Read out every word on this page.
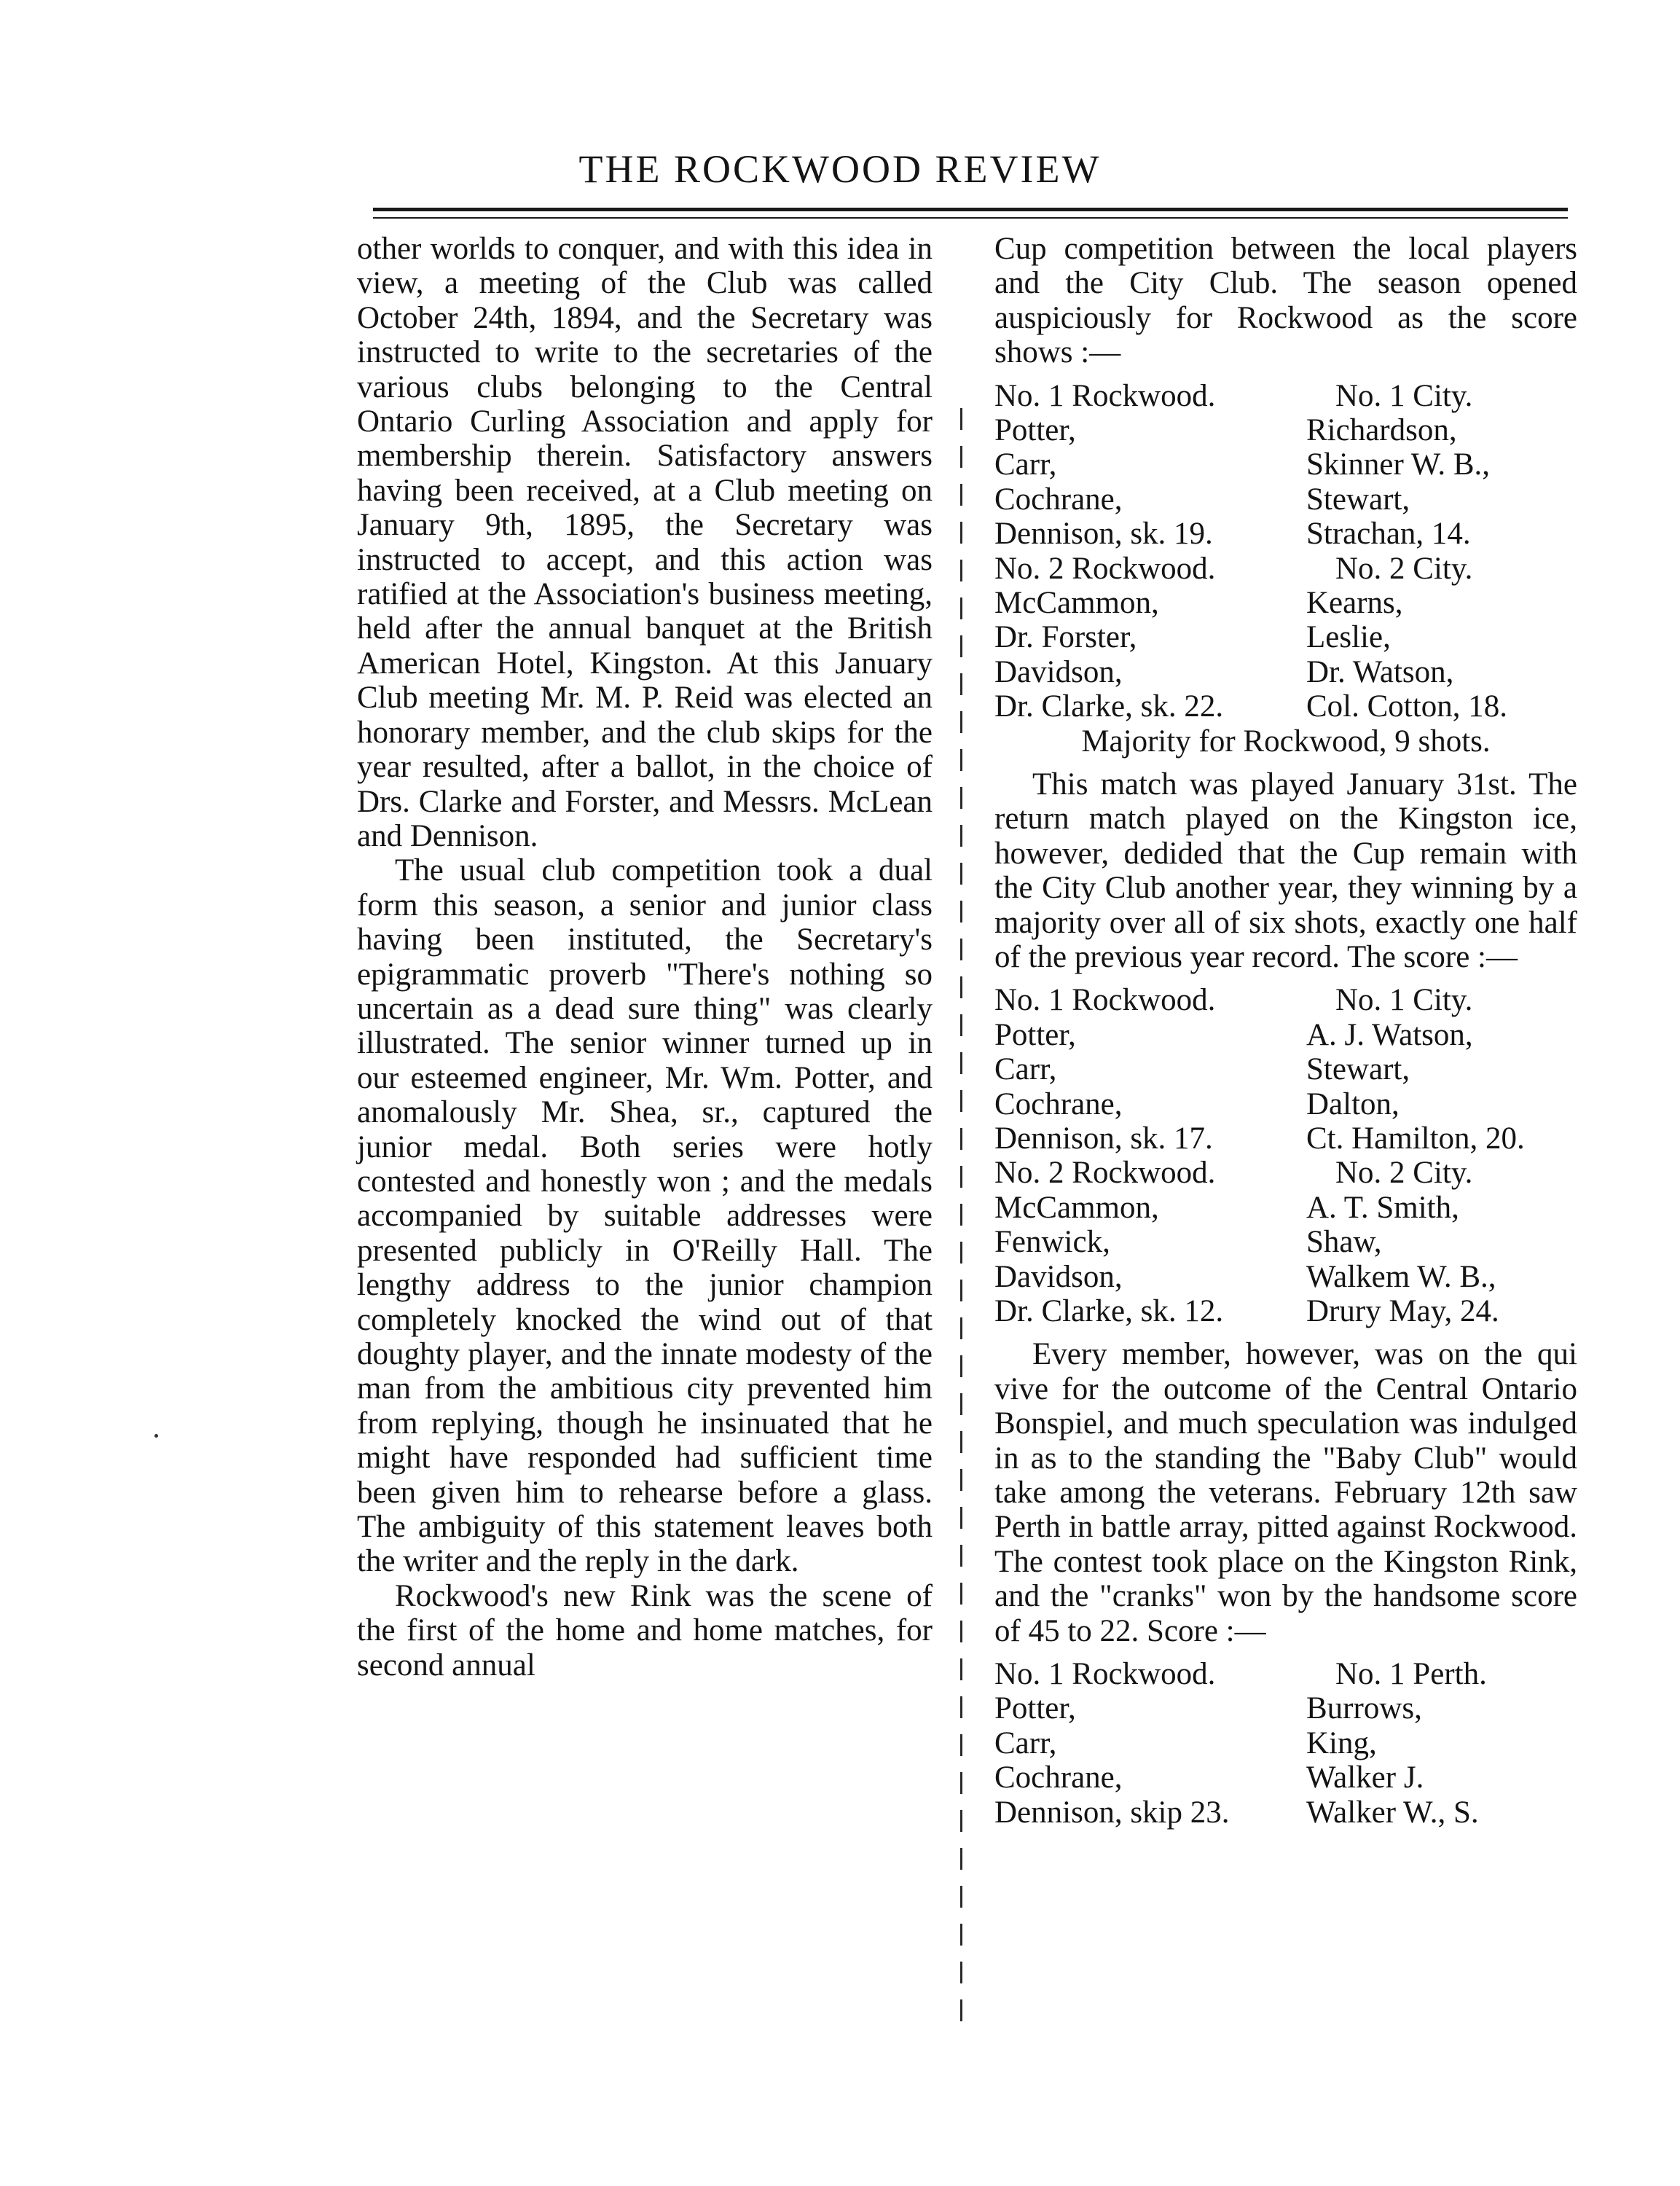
THE ROCKWOOD REVIEW

other worlds to conquer, and with this idea in view, a meeting of the Club was called October 24th, 1894, and the Secretary was instructed to write to the secretaries of the various clubs belonging to the Central Ontario Curling Association and apply for membership therein. Satisfactory answers having been received, at a Club meeting on January 9th, 1895, the Secretary was instructed to accept, and this action was ratified at the Association's business meeting, held after the annual banquet at the British American Hotel, Kingston. At this January Club meeting Mr. M. P. Reid was elected an honorary member, and the club skips for the year resulted, after a ballot, in the choice of Drs. Clarke and Forster, and Messrs. McLean and Dennison.

The usual club competition took a dual form this season, a senior and junior class having been instituted, the Secretary's epigrammatic proverb "There's nothing so uncertain as a dead sure thing" was clearly illustrated. The senior winner turned up in our esteemed engineer, Mr. Wm. Potter, and anomalously Mr. Shea, sr., captured the junior medal. Both series were hotly contested and honestly won ; and the medals accompanied by suitable addresses were presented publicly in O'Reilly Hall. The lengthy address to the junior champion completely knocked the wind out of that doughty player, and the innate modesty of the man from the ambitious city prevented him from replying, though he insinuated that he might have responded had sufficient time been given him to rehearse before a glass. The ambiguity of this statement leaves both the writer and the reply in the dark.

Rockwood's new Rink was the scene of the first of the home and home matches, for second annual

Cup competition between the local players and the City Club. The season opened auspiciously for Rockwood as the score shows :—

No. 1 Rockwood.	No. 1 City.
Potter,	Richardson,
Carr,	Skinner W. B.,
Cochrane,	Stewart,
Dennison, sk. 19.	Strachan, 14.
No. 2 Rockwood.	No. 2 City.
McCammon,	Kearns,
Dr. Forster,	Leslie,
Davidson,	Dr. Watson,
Dr. Clarke, sk. 22.	Col. Cotton, 18.
Majority for Rockwood, 9 shots.

This match was played January 31st. The return match played on the Kingston ice, however, dedided that the Cup remain with the City Club another year, they winning by a majority over all of six shots, exactly one half of the previous year record. The score :—

No. 1 Rockwood.	No. 1 City.
Potter,	A. J. Watson,
Carr,	Stewart,
Cochrane,	Dalton,
Dennison, sk. 17.	Ct. Hamilton, 20.
No. 2 Rockwood.	No. 2 City.
McCammon,	A. T. Smith,
Fenwick,	Shaw,
Davidson,	Walkem W. B.,
Dr. Clarke, sk. 12.	Drury May, 24.

Every member, however, was on the qui vive for the outcome of the Central Ontario Bonspiel, and much speculation was indulged in as to the standing the "Baby Club" would take among the veterans. February 12th saw Perth in battle array, pitted against Rockwood. The contest took place on the Kingston Rink, and the "cranks" won by the handsome score of 45 to 22. Score :—

No. 1 Rockwood.	No. 1 Perth.
Potter,	Burrows,
Carr,	King,
Cochrane,	Walker J.
Dennison, skip 23.	Walker W., S.
